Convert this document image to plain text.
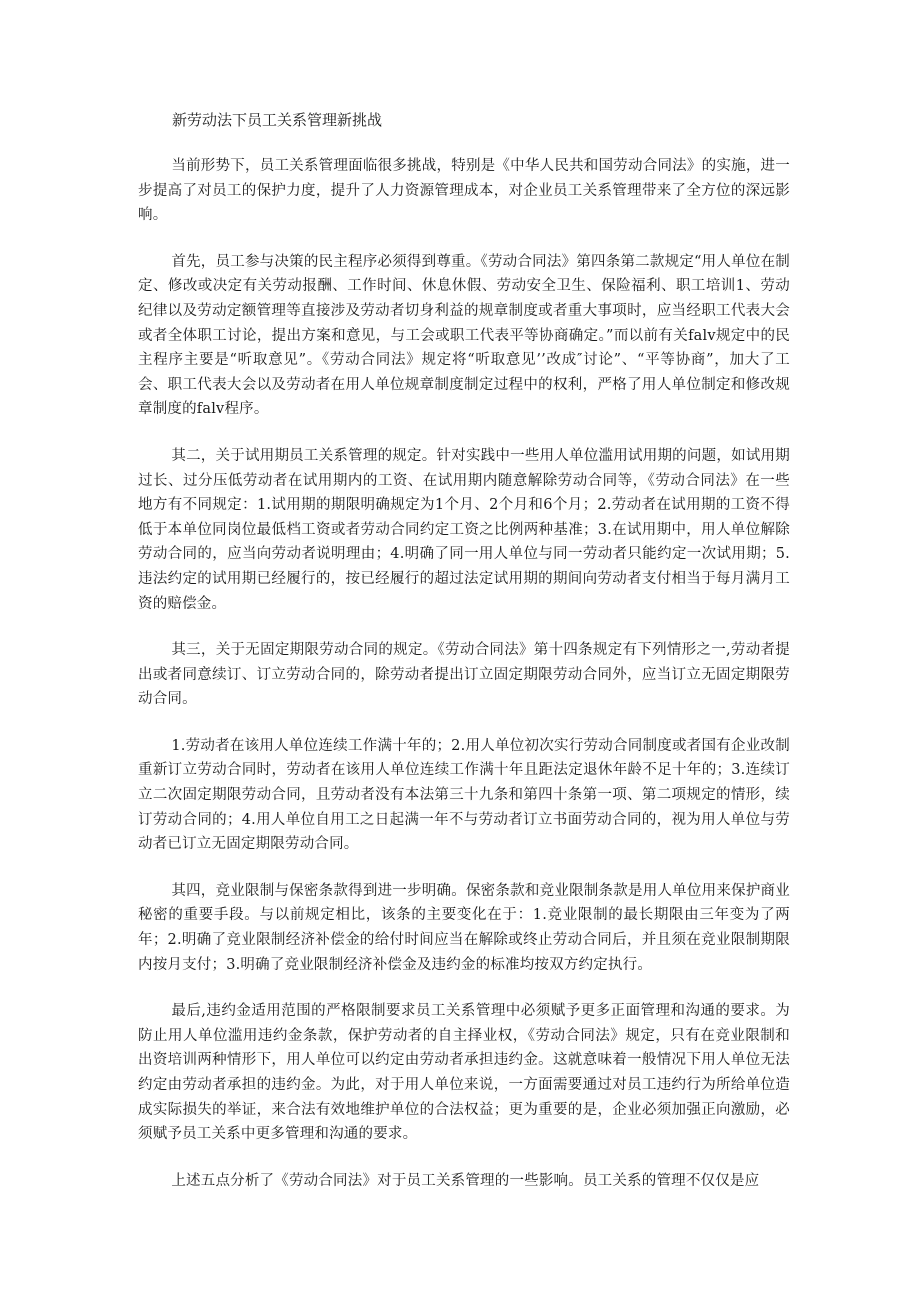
新劳动法下员工关系管理新挑战

当前形势下，员工关系管理面临很多挑战，特别是《中华人民共和国劳动合同法》的实施，进一步提高了对员工的保护力度，提升了人力资源管理成本，对企业员工关系管理带来了全方位的深远影响。

首先，员工参与决策的民主程序必须得到尊重。《劳动合同法》第四条第二款规定“用人单位在制定、修改或决定有关劳动报酬、工作时间、休息休假、劳动安全卫生、保险福利、职工培训1、劳动纪律以及劳动定额管理等直接涉及劳动者切身利益的规章制度或者重大事项时，应当经职工代表大会或者全体职工讨论，提出方案和意见，与工会或职工代表平等协商确定。”而以前有关falv规定中的民主程序主要是“听取意见”。《劳动合同法》规定将“听取意见’’改成″讨论”、“平等协商”，加大了工会、职工代表大会以及劳动者在用人单位规章制度制定过程中的权利，严格了用人单位制定和修改规章制度的falv程序。

其二，关于试用期员工关系管理的规定。针对实践中一些用人单位滥用试用期的问题，如试用期过长、过分压低劳动者在试用期内的工资、在试用期内随意解除劳动合同等，《劳动合同法》在一些地方有不同规定：1.试用期的期限明确规定为1个月、2个月和6个月；2.劳动者在试用期的工资不得低于本单位同岗位最低档工资或者劳动合同约定工资之比例两种基准；3.在试用期中，用人单位解除劳动合同的，应当向劳动者说明理由；4.明确了同一用人单位与同一劳动者只能约定一次试用期；5.违法约定的试用期已经履行的，按已经履行的超过法定试用期的期间向劳动者支付相当于每月满月工资的赔偿金。

其三，关于无固定期限劳动合同的规定。《劳动合同法》第十四条规定有下列情形之一,劳动者提出或者同意续订、订立劳动合同的，除劳动者提出订立固定期限劳动合同外，应当订立无固定期限劳动合同。

1.劳动者在该用人单位连续工作满十年的；2.用人单位初次实行劳动合同制度或者国有企业改制重新订立劳动合同时，劳动者在该用人单位连续工作满十年且距法定退休年龄不足十年的；3.连续订立二次固定期限劳动合同，且劳动者没有本法第三十九条和第四十条第一项、第二项规定的情形，续订劳动合同的；4.用人单位自用工之日起满一年不与劳动者订立书面劳动合同的，视为用人单位与劳动者已订立无固定期限劳动合同。

其四，竞业限制与保密条款得到进一步明确。保密条款和竞业限制条款是用人单位用来保护商业秘密的重要手段。与以前规定相比，该条的主要变化在于：1.竞业限制的最长期限由三年变为了两年；2.明确了竞业限制经济补偿金的给付时间应当在解除或终止劳动合同后，并且须在竞业限制期限内按月支付；3.明确了竞业限制经济补偿金及违约金的标准均按双方约定执行。

最后,违约金适用范围的严格限制要求员工关系管理中必须赋予更多正面管理和沟通的要求。为防止用人单位滥用违约金条款，保护劳动者的自主择业权，《劳动合同法》规定，只有在竞业限制和出资培训两种情形下，用人单位可以约定由劳动者承担违约金。这就意味着一般情况下用人单位无法约定由劳动者承担的违约金。为此，对于用人单位来说，一方面需要通过对员工违约行为所给单位造成实际损失的举证，来合法有效地维护单位的合法权益；更为重要的是，企业必须加强正向激励，必须赋予员工关系中更多管理和沟通的要求。

上述五点分析了《劳动合同法》对于员工关系管理的一些影响。员工关系的管理不仅仅是应
